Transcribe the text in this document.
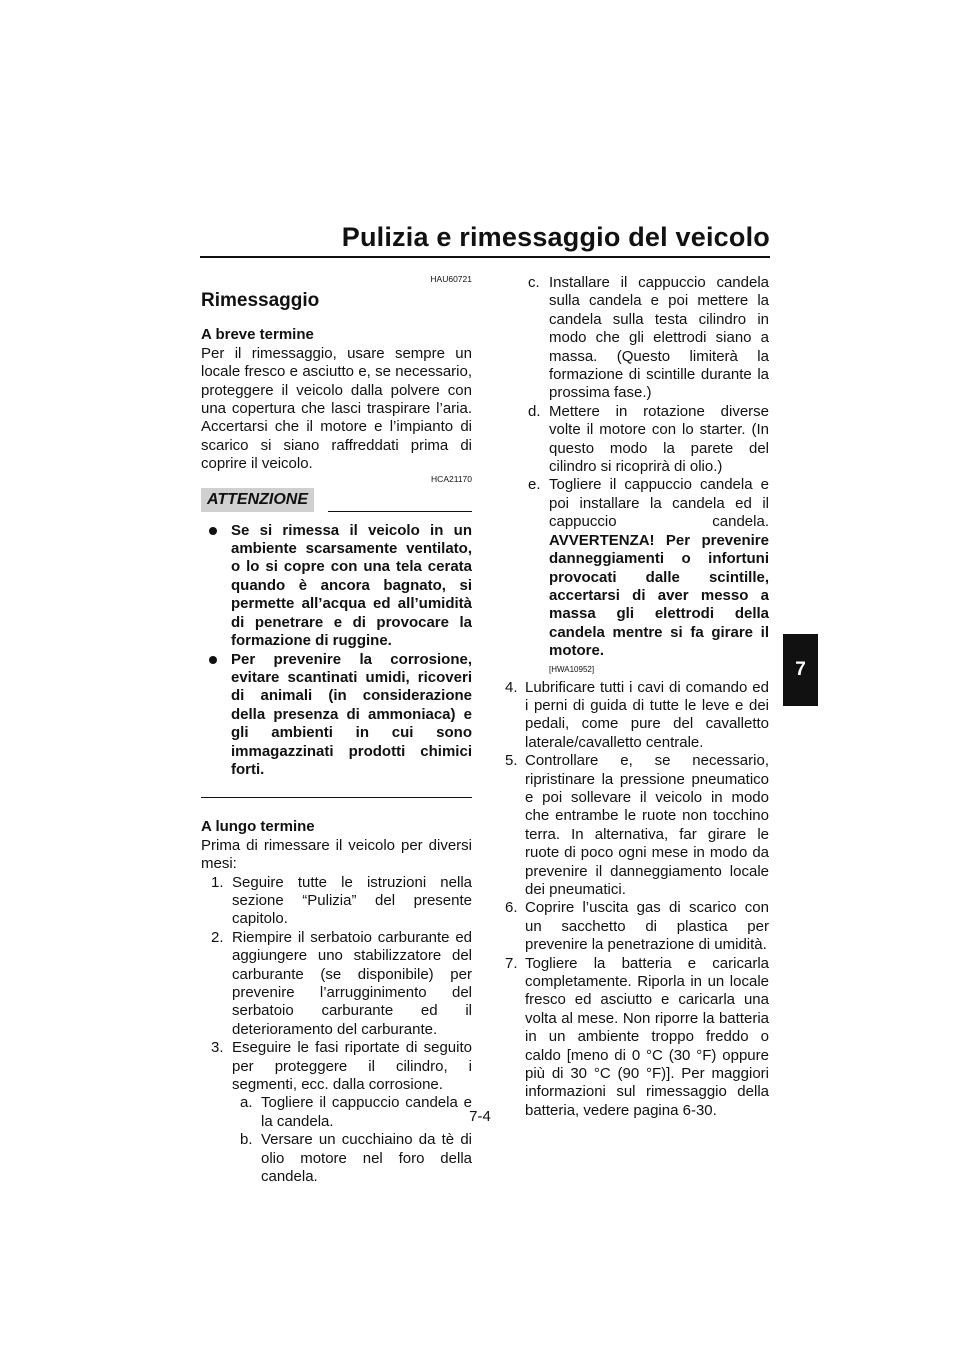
Pulizia e rimessaggio del veicolo
7
HAU60721
Rimessaggio
A breve termine
Per il rimessaggio, usare sempre un locale fresco e asciutto e, se necessario, proteggere il veicolo dalla polvere con una copertura che lasci traspirare l’aria. Accertarsi che il motore e l’impianto di scarico si siano raffreddati prima di coprire il veicolo.
HCA21170
ATTENZIONE
Se si rimessa il veicolo in un ambiente scarsamente ventilato, o lo si copre con una tela cerata quando è ancora bagnato, si permette all’acqua ed all’umidità di penetrare e di provocare la formazione di ruggine.
Per prevenire la corrosione, evitare scantinati umidi, ricoveri di animali (in considerazione della presenza di ammoniaca) e gli ambienti in cui sono immagazzinati prodotti chimici forti.
A lungo termine
Prima di rimessare il veicolo per diversi mesi:
1. Seguire tutte le istruzioni nella sezione “Pulizia” del presente capitolo.
2. Riempire il serbatoio carburante ed aggiungere uno stabilizzatore del carburante (se disponibile) per prevenire l’arrugginimento del serbatoio carburante ed il deterioramento del carburante.
3. Eseguire le fasi riportate di seguito per proteggere il cilindro, i segmenti, ecc. dalla corrosione.
a. Togliere il cappuccio candela e la candela.
b. Versare un cucchiaino da tè di olio motore nel foro della candela.
c. Installare il cappuccio candela sulla candela e poi mettere la candela sulla testa cilindro in modo che gli elettrodi siano a massa. (Questo limiterà la formazione di scintille durante la prossima fase.)
d. Mettere in rotazione diverse volte il motore con lo starter. (In questo modo la parete del cilindro si ricoprirà di olio.)
e. Togliere il cappuccio candela e poi installare la candela ed il cappuccio candela. AVVERTENZA! Per prevenire danneggiamenti o infortuni provocati dalle scintille, accertarsi di aver messo a massa gli elettrodi della candela mentre si fa girare il motore.
[HWA10952]
4. Lubrificare tutti i cavi di comando ed i perni di guida di tutte le leve e dei pedali, come pure del cavalletto laterale/cavalletto centrale.
5. Controllare e, se necessario, ripristinare la pressione pneumatico e poi sollevare il veicolo in modo che entrambe le ruote non tocchino terra. In alternativa, far girare le ruote di poco ogni mese in modo da prevenire il danneggiamento locale dei pneumatici.
6. Coprire l’uscita gas di scarico con un sacchetto di plastica per prevenire la penetrazione di umidità.
7. Togliere la batteria e caricarla completamente. Riporla in un locale fresco ed asciutto e caricarla una volta al mese. Non riporre la batteria in un ambiente troppo freddo o caldo [meno di 0 °C (30 °F) oppure più di 30 °C (90 °F)]. Per maggiori informazioni sul rimessaggio della batteria, vedere pagina 6-30.
7-4
